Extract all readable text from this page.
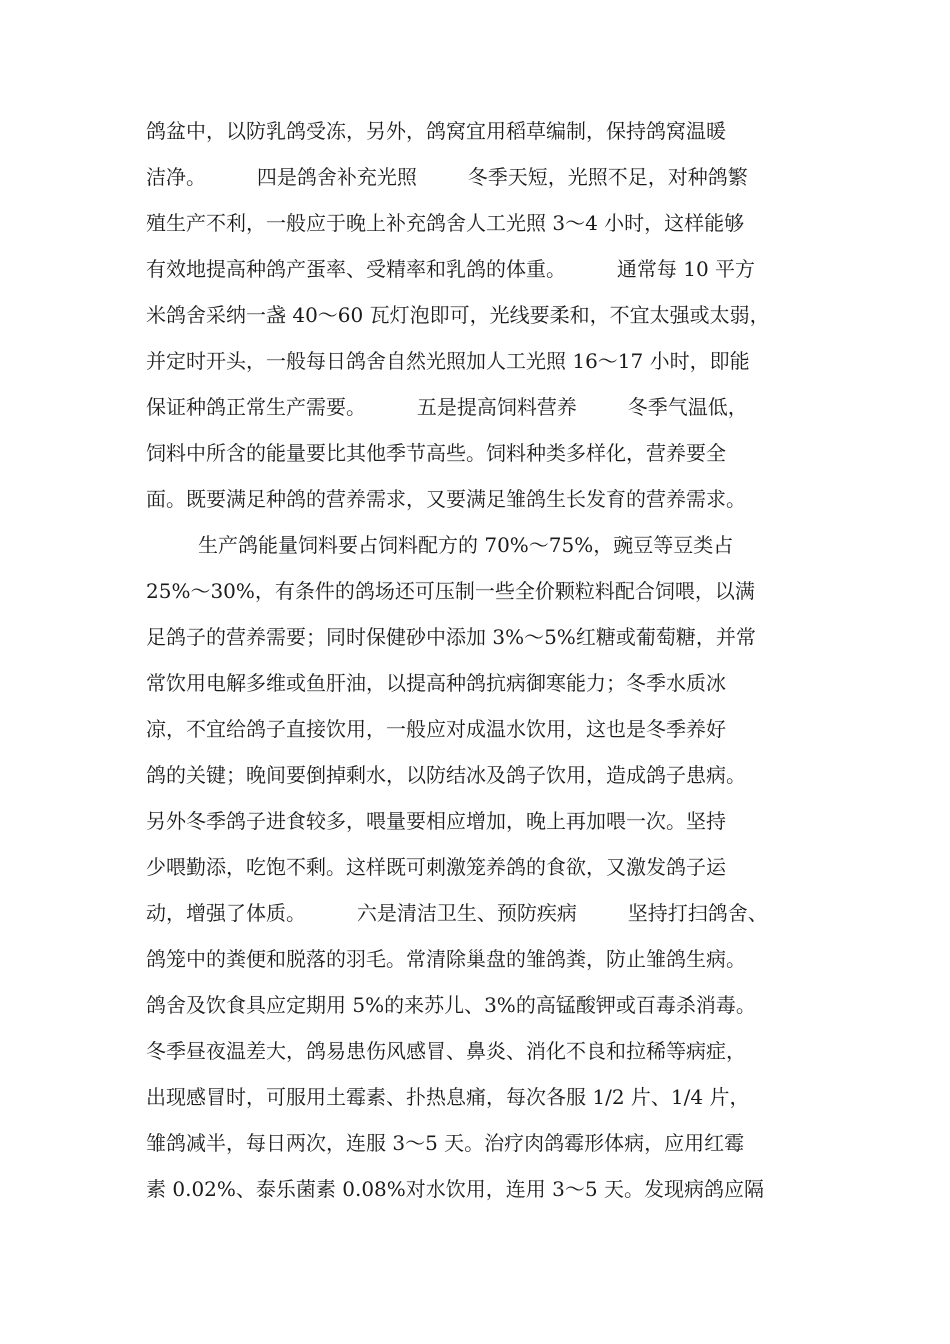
鸽盆中，以防乳鸽受冻，另外，鸽窝宜用稻草编制，保持鸽窝温暖
洁净。        四是鸽舍补充光照        冬季天短，光照不足，对种鸽繁
殖生产不利，一般应于晚上补充鸽舍人工光照 3～4 小时，这样能够
有效地提高种鸽产蛋率、受精率和乳鸽的体重。        通常每 10 平方
米鸽舍采纳一盏 40～60 瓦灯泡即可，光线要柔和，不宜太强或太弱，
并定时开头，一般每日鸽舍自然光照加人工光照 16～17 小时，即能
保证种鸽正常生产需要。        五是提高饲料营养        冬季气温低，
饲料中所含的能量要比其他季节高些。饲料种类多样化，营养要全
面。既要满足种鸽的营养需求，又要满足雏鸽生长发育的营养需求。
生产鸽能量饲料要占饲料配方的 70%～75%，豌豆等豆类占
25%～30%，有条件的鸽场还可压制一些全价颗粒料配合饲喂，以满
足鸽子的营养需要；同时保健砂中添加 3%～5%红糖或葡萄糖，并常
常饮用电解多维或鱼肝油，以提高种鸽抗病御寒能力；冬季水质冰
凉，不宜给鸽子直接饮用，一般应对成温水饮用，这也是冬季养好
鸽的关键；晚间要倒掉剩水，以防结冰及鸽子饮用，造成鸽子患病。
另外冬季鸽子进食较多，喂量要相应增加，晚上再加喂一次。坚持
少喂勤添，吃饱不剩。这样既可刺激笼养鸽的食欲，又激发鸽子运
动，增强了体质。        六是清洁卫生、预防疾病        坚持打扫鸽舍、
鸽笼中的粪便和脱落的羽毛。常清除巢盘的雏鸽粪，防止雏鸽生病。
鸽舍及饮食具应定期用 5%的来苏儿、3%的高锰酸钾或百毒杀消毒。
冬季昼夜温差大，鸽易患伤风感冒、鼻炎、消化不良和拉稀等病症，
出现感冒时，可服用土霉素、扑热息痛，每次各服 1/2 片、1/4 片，
雏鸽减半，每日两次，连服 3～5 天。治疗肉鸽霉形体病，应用红霉
素 0.02%、泰乐菌素 0.08%对水饮用，连用 3～5 天。发现病鸽应隔
